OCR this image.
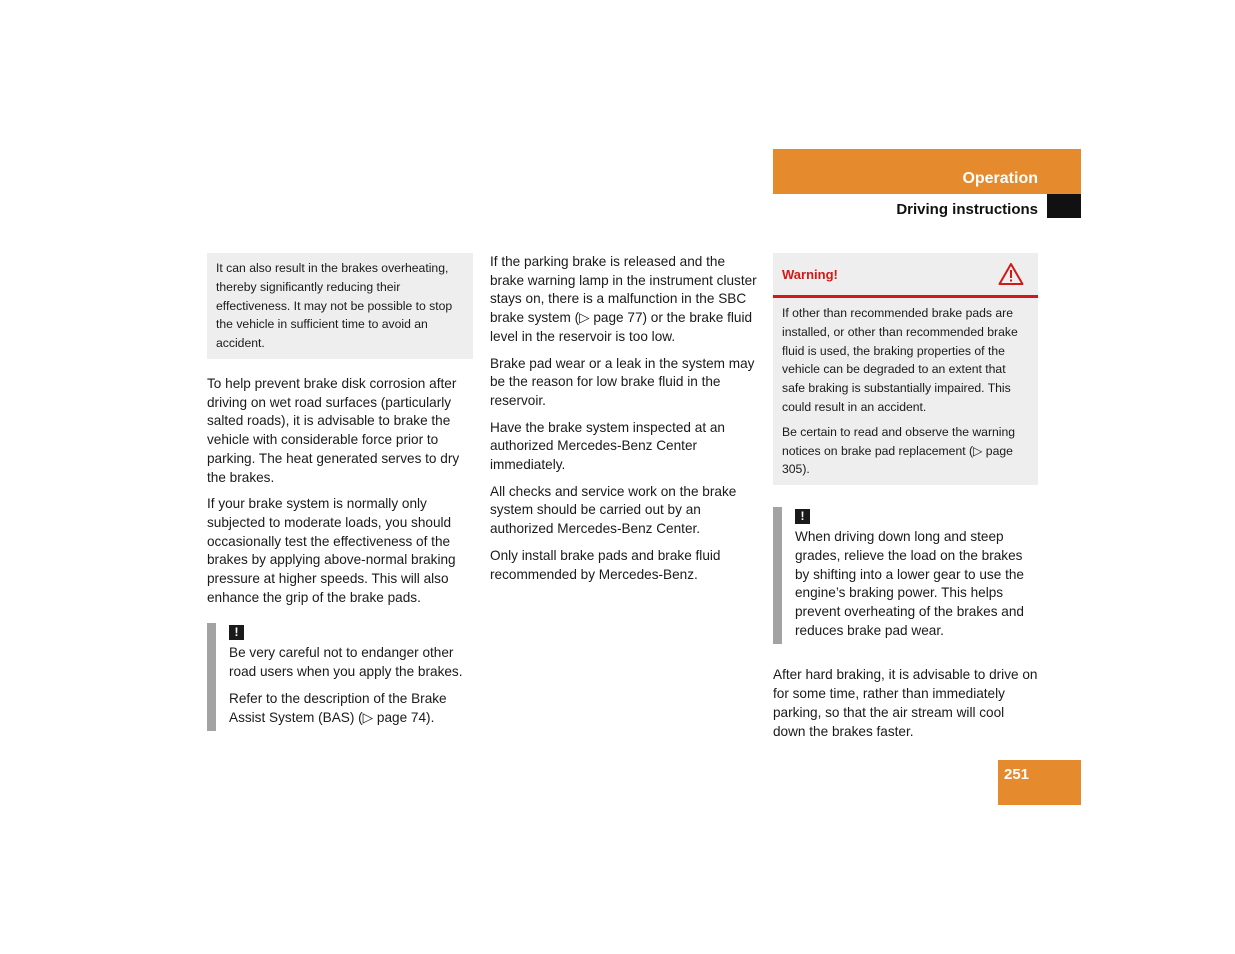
Operation
Driving instructions
It can also result in the brakes overheating, thereby significantly reducing their effectiveness. It may not be possible to stop the vehicle in sufficient time to avoid an accident.

To help prevent brake disk corrosion after driving on wet road surfaces (particularly salted roads), it is advisable to brake the vehicle with considerable force prior to parking. The heat generated serves to dry the brakes.

If your brake system is normally only subjected to moderate loads, you should occasionally test the effectiveness of the brakes by applying above-normal braking pressure at higher speeds. This will also enhance the grip of the brake pads.

!

Be very careful not to endanger other road users when you apply the brakes.

Refer to the description of the Brake Assist System (BAS) (▷ page 74).

If the parking brake is released and the brake warning lamp in the instrument cluster stays on, there is a malfunction in the SBC brake system (▷ page 77) or the brake fluid level in the reservoir is too low.

Brake pad wear or a leak in the system may be the reason for low brake fluid in the reservoir.

Have the brake system inspected at an authorized Mercedes-Benz Center immediately.

All checks and service work on the brake system should be carried out by an authorized Mercedes-Benz Center.

Only install brake pads and brake fluid recommended by Mercedes-Benz.

Warning!

If other than recommended brake pads are installed, or other than recommended brake fluid is used, the braking properties of the vehicle can be degraded to an extent that safe braking is substantially impaired. This could result in an accident.

Be certain to read and observe the warning notices on brake pad replacement (▷ page 305).

!

When driving down long and steep grades, relieve the load on the brakes by shifting into a lower gear to use the engine’s braking power. This helps prevent overheating of the brakes and reduces brake pad wear.

After hard braking, it is advisable to drive on for some time, rather than immediately parking, so that the air stream will cool down the brakes faster.

251
